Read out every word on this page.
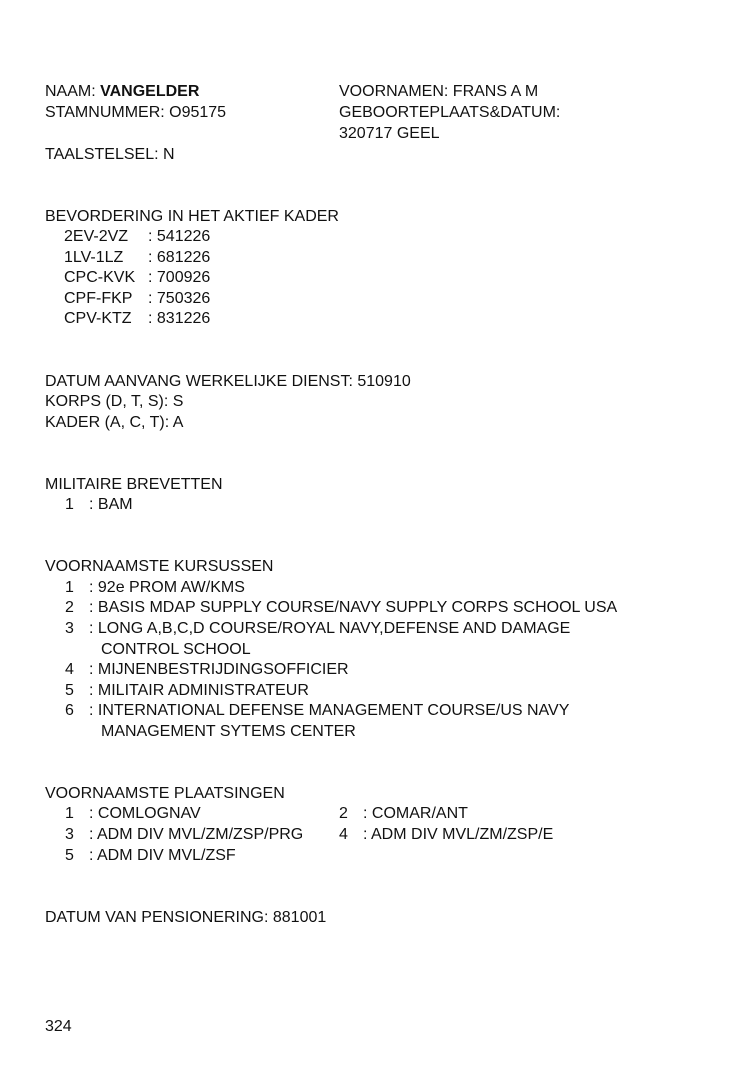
NAAM: VANGELDER	VOORNAMEN: FRANS A M
STAMNUMMER: O95175	GEBOORTEPLAATS&DATUM:
320717 GEEL
TAALSTELSEL: N
BEVORDERING IN HET AKTIEF KADER
2EV-2VZ : 541226
1LV-1LZ : 681226
CPC-KVK : 700926
CPF-FKP : 750326
CPV-KTZ : 831226
DATUM AANVANG WERKELIJKE DIENST: 510910
KORPS (D, T, S): S
KADER (A, C, T): A
MILITAIRE BREVETTEN
1 : BAM
VOORNAAMSTE KURSUSSEN
1 : 92e PROM AW/KMS
2 : BASIS MDAP SUPPLY COURSE/NAVY SUPPLY CORPS SCHOOL USA
3 : LONG A,B,C,D COURSE/ROYAL NAVY,DEFENSE AND DAMAGE
CONTROL SCHOOL
4 : MIJNENBESTRIJDINGSOFFICIER
5 : MILITAIR ADMINISTRATEUR
6 : INTERNATIONAL DEFENSE MANAGEMENT COURSE/US NAVY
MANAGEMENT SYTEMS CENTER
VOORNAAMSTE PLAATSINGEN
1 : COMLOGNAV	2 : COMAR/ANT
3 : ADM DIV MVL/ZM/ZSP/PRG 4 : ADM DIV MVL/ZM/ZSP/E
5 : ADM DIV MVL/ZSF
DATUM VAN PENSIONERING: 881001
324
